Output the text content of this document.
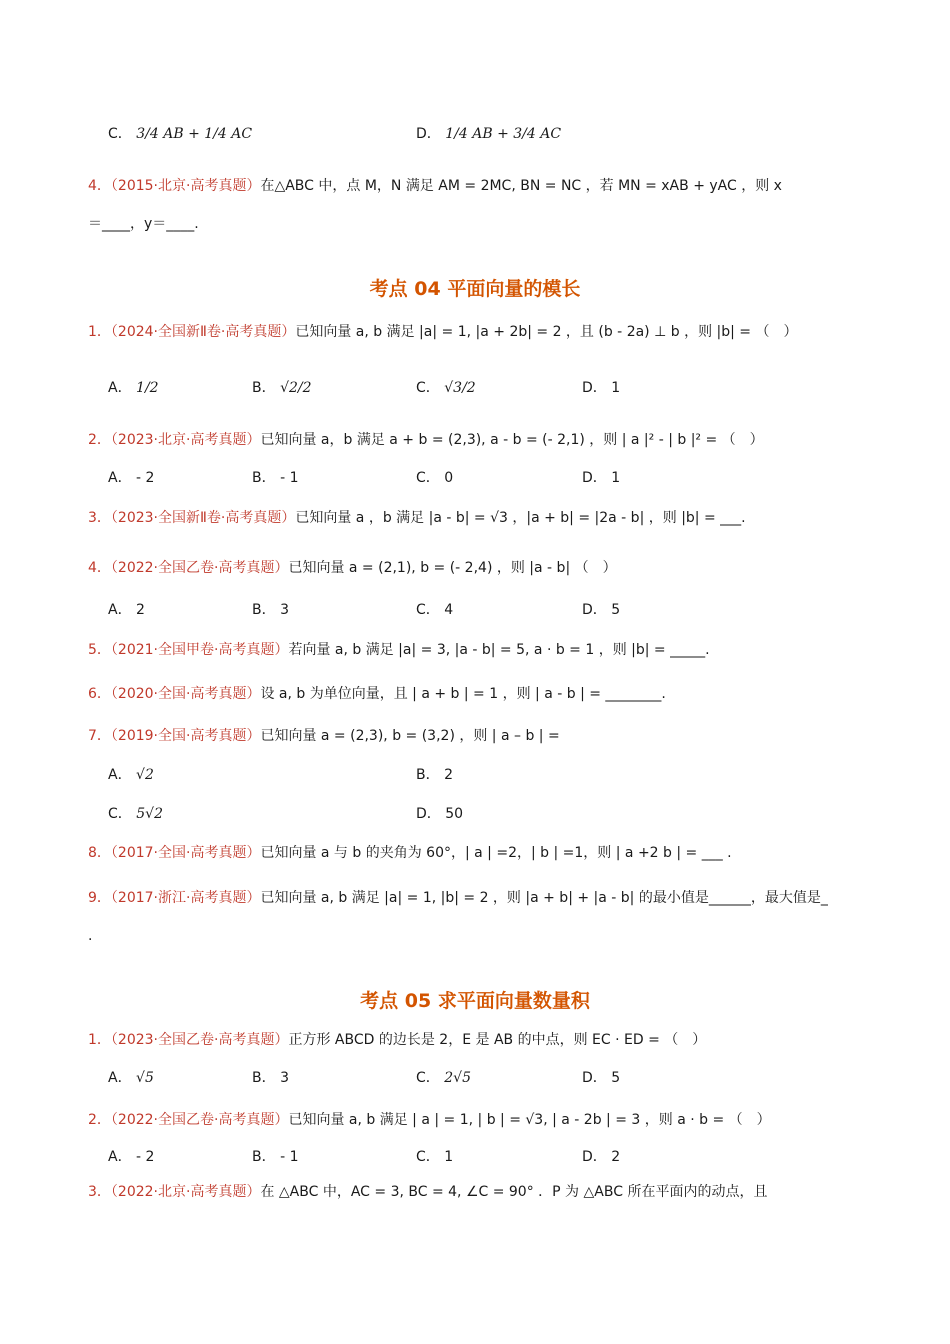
C． 3/4 AB + 1/4 AC	D． 1/4 AB + 3/4 AC
4．（2015·北京·高考真题）在△ABC 中，点 M，N 满足 AM = 2MC, BN = NC ，若 MN = xAB + yAC ，则 x
＝____，y＝____.
考点 04 平面向量的模长
1．（2024·全国新Ⅱ卷·高考真题）已知向量 a, b 满足 |a| = 1, |a + 2b| = 2 ，且 (b - 2a) ⊥ b ，则 |b| = （　）
A． 1/2	B． √2/2	C． √3/2	D． 1
2．（2023·北京·高考真题）已知向量 a，b 满足 a + b = (2,3), a - b = (- 2,1) ，则 | a |² - | b |² = （　）
A． - 2	B． - 1	C． 0	D． 1
3．（2023·全国新Ⅱ卷·高考真题）已知向量 a ，b 满足 |a - b| = √3 ，|a + b| = |2a - b| ，则 |b| = ___.
4．（2022·全国乙卷·高考真题）已知向量 a = (2,1), b = (- 2,4) ，则 |a - b| （　）
A． 2	B． 3	C． 4	D． 5
5．（2021·全国甲卷·高考真题）若向量 a, b 满足 |a| = 3, |a - b| = 5, a · b = 1 ，则 |b| = _____.
6．（2020·全国·高考真题）设 a, b 为单位向量，且 | a + b | = 1 ，则 | a - b | = ________.
7．（2019·全国·高考真题）已知向量 a = (2,3), b = (3,2) ，则 | a – b | =
A． √2	B． 2
C． 5√2	D． 50
8．（2017·全国·高考真题）已知向量 a 与 b 的夹角为 60°，| a | =2，| b | =1，则 | a +2 b | = ___ .
9．（2017·浙江·高考真题）已知向量 a, b 满足 |a| = 1, |b| = 2 ，则 |a + b| + |a - b| 的最小值是______，最大值是_
.
考点 05 求平面向量数量积
1．（2023·全国乙卷·高考真题）正方形 ABCD 的边长是 2，E 是 AB 的中点，则 EC · ED = （　）
A． √5	B． 3	C． 2√5	D． 5
2．（2022·全国乙卷·高考真题）已知向量 a, b 满足 | a | = 1, | b | = √3, | a - 2b | = 3 ，则 a · b = （　）
A． - 2	B． - 1	C． 1	D． 2
3．（2022·北京·高考真题）在 △ABC 中，AC = 3, BC = 4, ∠C = 90° ．P 为 △ABC 所在平面内的动点，且
